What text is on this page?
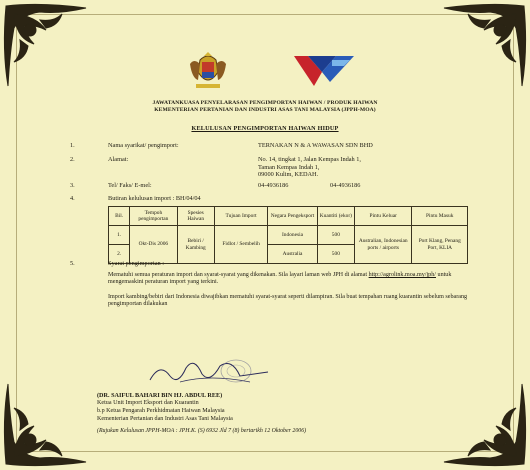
JAWATANKUASA PENYELARASAN PENGIMPORTAN HAIWAN / PRODUK HAIWAN
KEMENTERIAN PERTANIAN DAN INDUSTRI ASAS TANI MALAYSIA (JPPH-MOA)
KELULUSAN PENGIMPORTAN HAIWAN HIDUP
1.	Nama syarikat/ pengimport:	TERNAKAN N & A WAWASAN SDN BHD
2.	Alamat:	No. 14, tingkat 1, Jalan Kempas Indah 1,
Taman Kempas Indah 1,
09000 Kulim, KEDAH.
3.	Tel/ Faks/ E-mel:	04-4936186	04-4936186
4.	Butiran kelulusan import : BH/04/04
Bil.	Tempoh pengimportan	Spesies Haiwan	Tujuan Import	Negara Pengeksport	Kuantiti (ekor)	Pintu Keluar	Pintu Masuk
1.	Okt-Dis 2006	Bebiri / Kambing	Fidlot / Sembelih	Indonesia	500	Australian, Indonesian ports / airports	Port Klang, Penang Port, KLIA
2.				Australia	500		
5.	Syarat pengimportan :
Mematuhi semua peraturan import dan syarat-syarat yang dikenakan. Sila layari laman web JPH di alamat http://agrolink.moa.my/jph/ untuk mengemaskini peraturan import yang terkini.
Import kambing/bebiri dari Indonesia diwajibkan mematuhi syarat-syarat seperti dilampiran. Sila buat tempahan ruang kuarantin sebelum sebarang pengimportan dilakukan
(DR. SAIFUL BAHARI BIN HJ. ABDUL REE)
Ketua Unit Import Eksport dan Kuarantin
b.p Ketua Pengarah Perkhidmatan Haiwan Malaysia
Kementerian Pertanian dan Industri Asas Tani Malaysia
(Rujukan Kelulusan JPPH-MOA : JPH.K. (S) 6932 Jld 7 (8) bertarikh 12 Oktober 2006)
